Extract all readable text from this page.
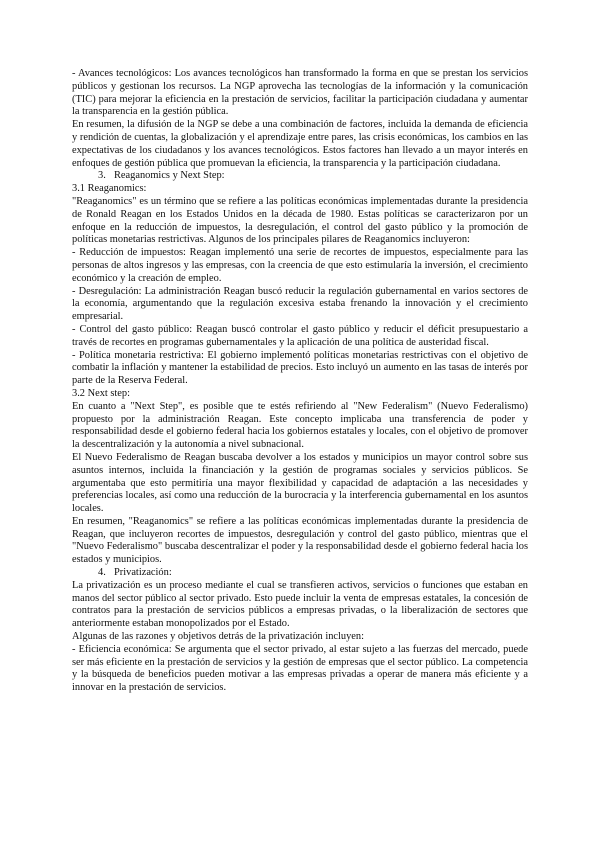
- Avances tecnológicos: Los avances tecnológicos han transformado la forma en que se prestan los servicios públicos y gestionan los recursos. La NGP aprovecha las tecnologías de la información y la comunicación (TIC) para mejorar la eficiencia en la prestación de servicios, facilitar la participación ciudadana y aumentar la transparencia en la gestión pública.

En resumen, la difusión de la NGP se debe a una combinación de factores, incluida la demanda de eficiencia y rendición de cuentas, la globalización y el aprendizaje entre pares, las crisis económicas, los cambios en las expectativas de los ciudadanos y los avances tecnológicos. Estos factores han llevado a un mayor interés en enfoques de gestión pública que promuevan la eficiencia, la transparencia y la participación ciudadana.

3. Reaganomics y Next Step:

3.1 Reaganomics:

"Reaganomics" es un término que se refiere a las políticas económicas implementadas durante la presidencia de Ronald Reagan en los Estados Unidos en la década de 1980. Estas políticas se caracterizaron por un enfoque en la reducción de impuestos, la desregulación, el control del gasto público y la promoción de políticas monetarias restrictivas. Algunos de los principales pilares de Reaganomics incluyeron:

- Reducción de impuestos: Reagan implementó una serie de recortes de impuestos, especialmente para las personas de altos ingresos y las empresas, con la creencia de que esto estimularía la inversión, el crecimiento económico y la creación de empleo.

- Desregulación: La administración Reagan buscó reducir la regulación gubernamental en varios sectores de la economía, argumentando que la regulación excesiva estaba frenando la innovación y el crecimiento empresarial.

- Control del gasto público: Reagan buscó controlar el gasto público y reducir el déficit presupuestario a través de recortes en programas gubernamentales y la aplicación de una política de austeridad fiscal.

- Política monetaria restrictiva: El gobierno implementó políticas monetarias restrictivas con el objetivo de combatir la inflación y mantener la estabilidad de precios. Esto incluyó un aumento en las tasas de interés por parte de la Reserva Federal.

3.2 Next step:

En cuanto a "Next Step", es posible que te estés refiriendo al "New Federalism" (Nuevo Federalismo) propuesto por la administración Reagan. Este concepto implicaba una transferencia de poder y responsabilidad desde el gobierno federal hacia los gobiernos estatales y locales, con el objetivo de promover la descentralización y la autonomía a nivel subnacional.

El Nuevo Federalismo de Reagan buscaba devolver a los estados y municipios un mayor control sobre sus asuntos internos, incluida la financiación y la gestión de programas sociales y servicios públicos. Se argumentaba que esto permitiría una mayor flexibilidad y capacidad de adaptación a las necesidades y preferencias locales, así como una reducción de la burocracia y la interferencia gubernamental en los asuntos locales.

En resumen, "Reaganomics" se refiere a las políticas económicas implementadas durante la presidencia de Reagan, que incluyeron recortes de impuestos, desregulación y control del gasto público, mientras que el "Nuevo Federalismo" buscaba descentralizar el poder y la responsabilidad desde el gobierno federal hacia los estados y municipios.

4. Privatización:

La privatización es un proceso mediante el cual se transfieren activos, servicios o funciones que estaban en manos del sector público al sector privado. Esto puede incluir la venta de empresas estatales, la concesión de contratos para la prestación de servicios públicos a empresas privadas, o la liberalización de sectores que anteriormente estaban monopolizados por el Estado.

Algunas de las razones y objetivos detrás de la privatización incluyen:

- Eficiencia económica: Se argumenta que el sector privado, al estar sujeto a las fuerzas del mercado, puede ser más eficiente en la prestación de servicios y la gestión de empresas que el sector público. La competencia y la búsqueda de beneficios pueden motivar a las empresas privadas a operar de manera más eficiente y a innovar en la prestación de servicios.
